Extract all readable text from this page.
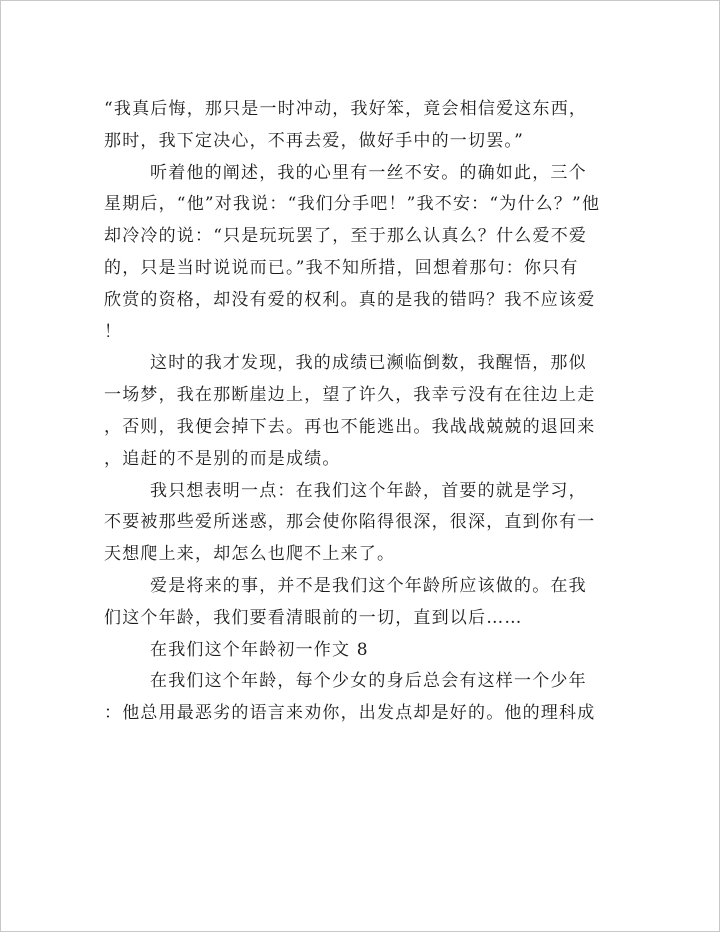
“我真后悔，那只是一时冲动，我好笨，竟会相信爱这东西，
那时，我下定决心，不再去爱，做好手中的一切罢。”
听着他的阐述，我的心里有一丝不安。的确如此，三个
星期后，“他”对我说：“我们分手吧！”我不安：“为什么？”他
却冷冷的说：“只是玩玩罢了，至于那么认真么？什么爱不爱
的，只是当时说说而已。”我不知所措，回想着那句：你只有
欣赏的资格，却没有爱的权利。真的是我的错吗？我不应该爱
！
这时的我才发现，我的成绩已濒临倒数，我醒悟，那似
一场梦，我在那断崖边上，望了许久，我幸亏没有在往边上走
，否则，我便会掉下去。再也不能逃出。我战战兢兢的退回来
，追赶的不是别的而是成绩。
我只想表明一点：在我们这个年龄，首要的就是学习，
不要被那些爱所迷惑，那会使你陷得很深，很深，直到你有一
天想爬上来，却怎么也爬不上来了。
爱是将来的事，并不是我们这个年龄所应该做的。在我
们这个年龄，我们要看清眼前的一切，直到以后……
在我们这个年龄初一作文 8
在我们这个年龄，每个少女的身后总会有这样一个少年
：他总用最恶劣的语言来劝你，出发点却是好的。他的理科成
